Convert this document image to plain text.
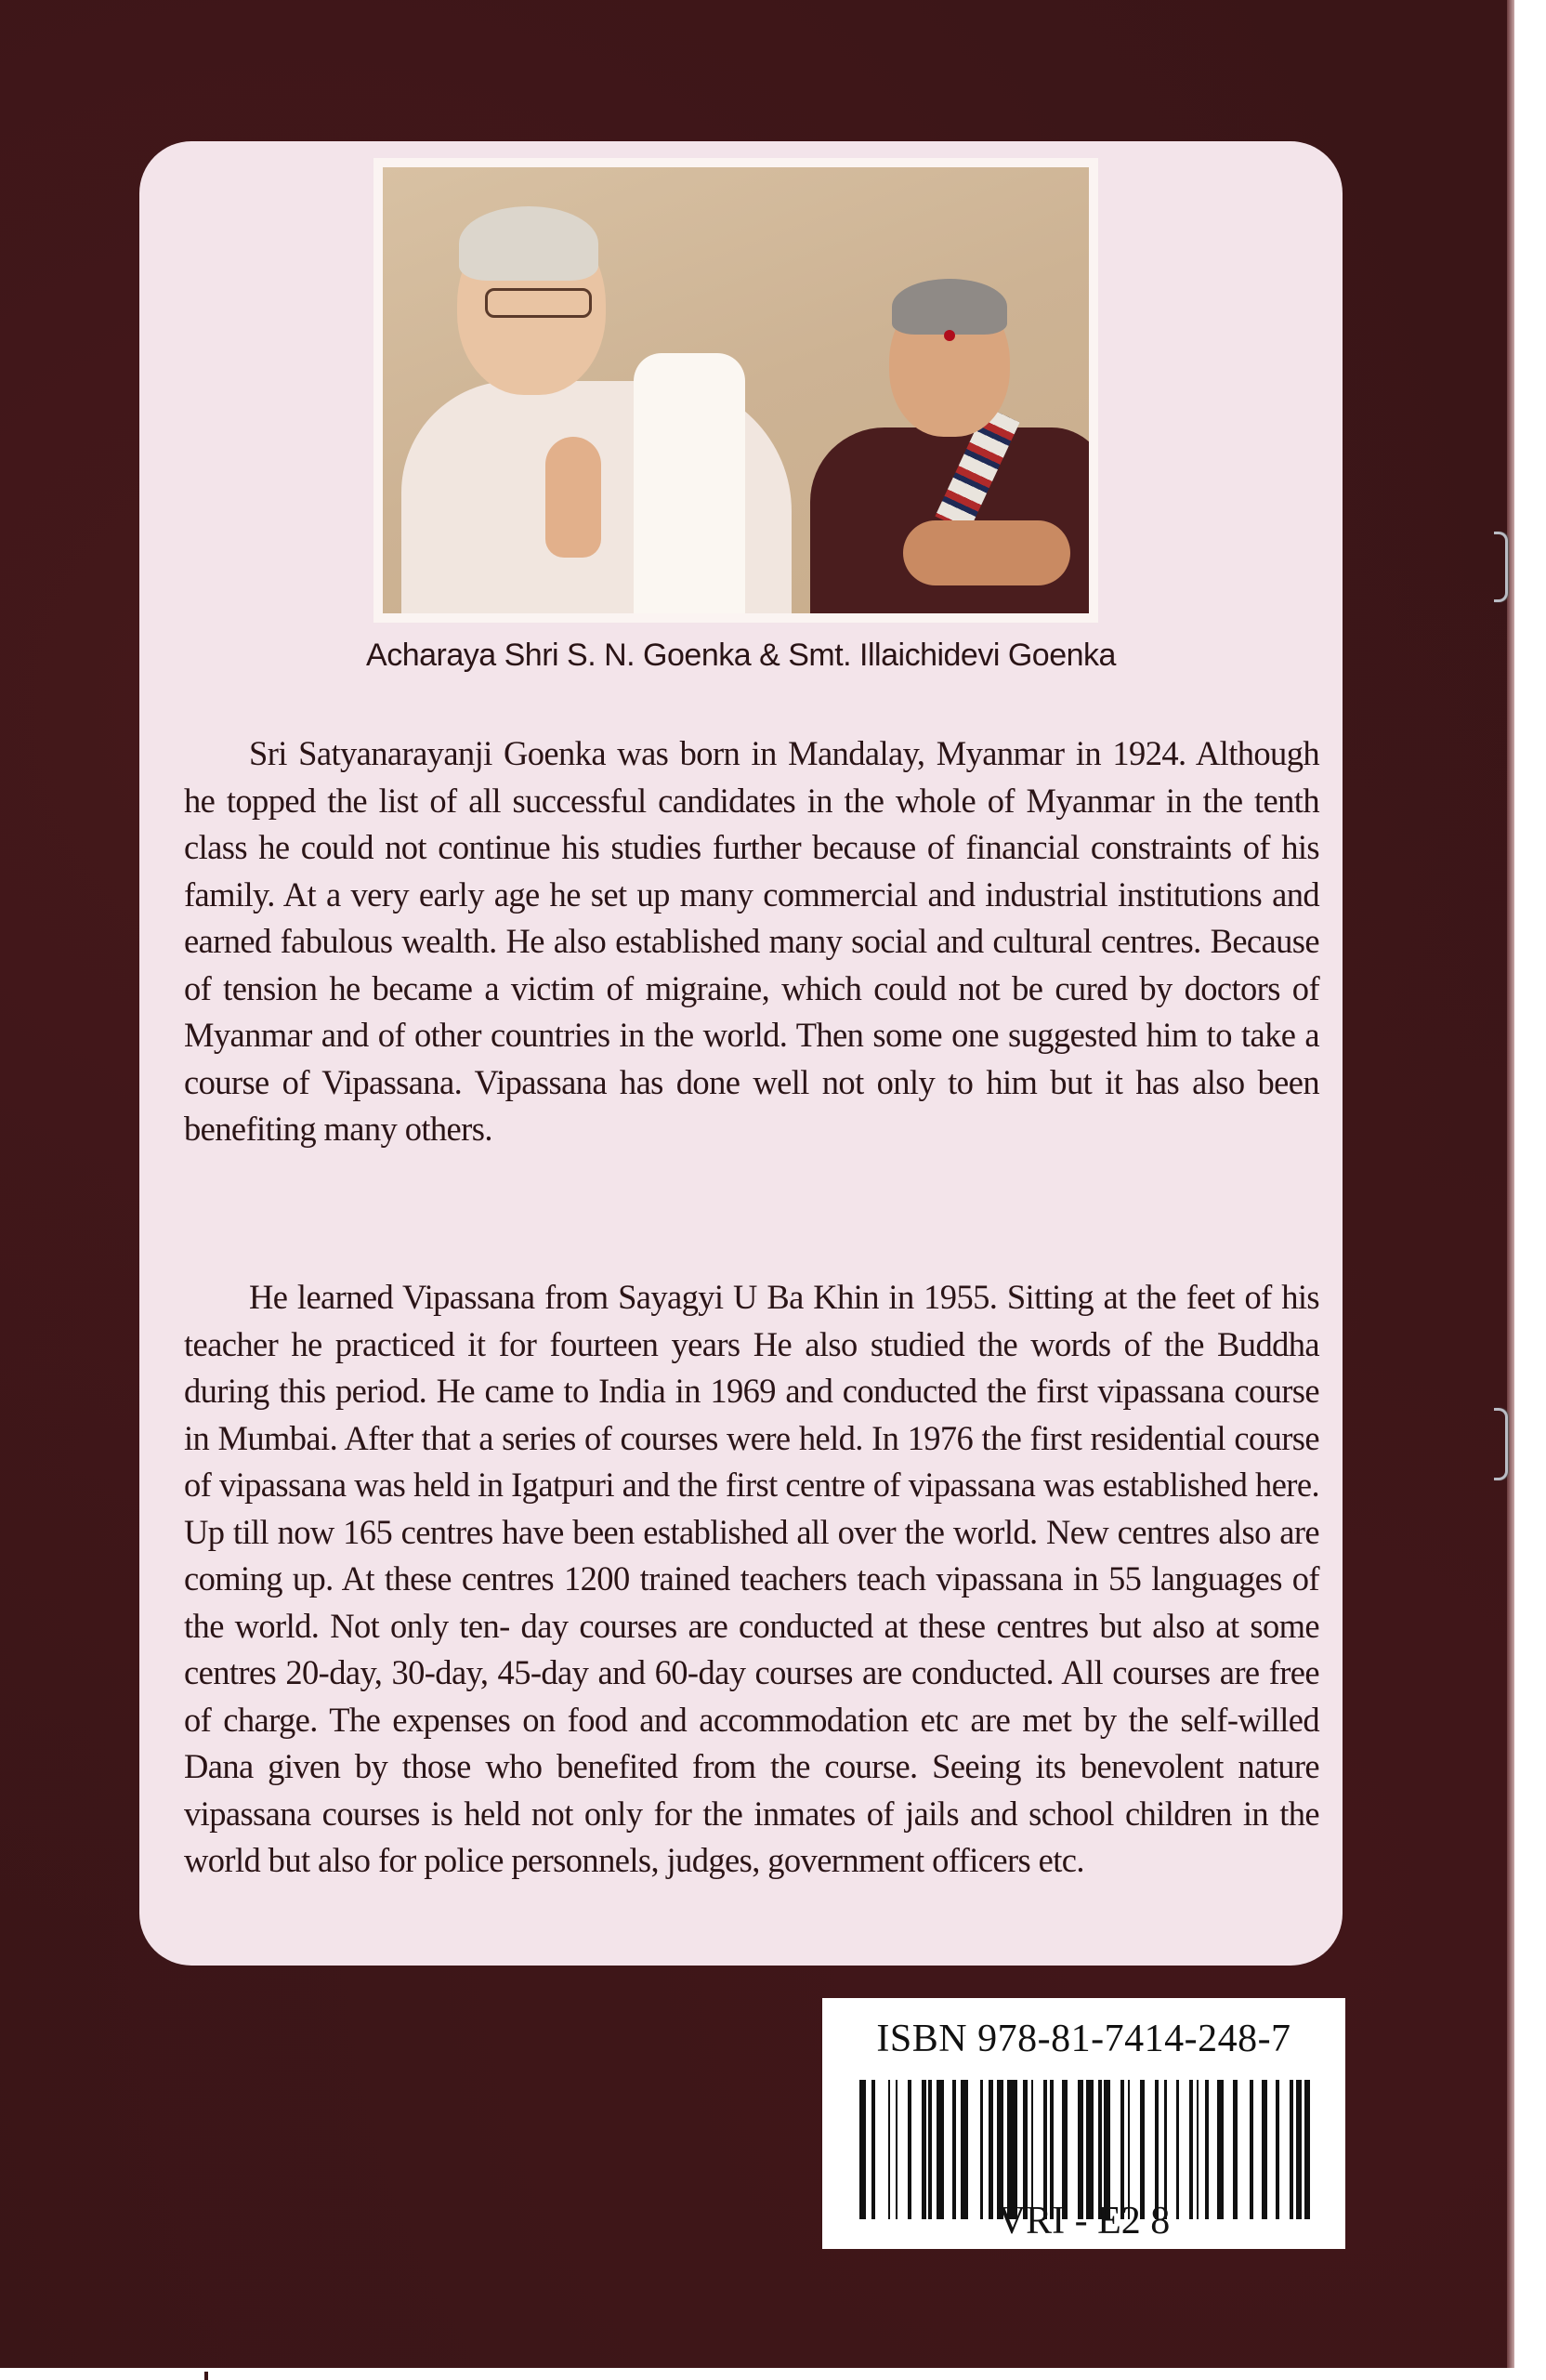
Acharaya Shri S. N. Goenka & Smt. Illaichidevi Goenka

Sri Satyanarayanji Goenka was born in Mandalay, Myanmar in 1924. Although he topped the list of all successful candidates in the whole of Myanmar in the tenth class he could not continue his studies further because of financial constraints of his family. At a very early age he set up many commercial and industrial institutions and earned fabulous wealth. He also established many social and cultural centres. Because of tension he became a victim of migraine, which could not be cured by doctors of Myanmar and of other countries in the world. Then some one suggested him to take a course of Vipassana. Vipassana has done well not only to him but it has also been benefiting many others.

He learned Vipassana from Sayagyi U Ba Khin in 1955. Sitting at the feet of his teacher he practiced it for fourteen years He also studied the words of the Buddha during this period. He came to India in 1969 and conducted the first vipassana course in Mumbai. After that a series of courses were held. In 1976 the first residential course of vipassana was held in Igatpuri and the first centre of vipassana was established here. Up till now 165 centres have been established all over the world. New centres also are coming up. At these centres 1200 trained teachers teach vipassana in 55 languages of the world. Not only ten- day courses are conducted at these centres but also at some centres 20-day, 30-day, 45-day and 60-day courses are conducted. All courses are free of charge. The expenses on food and accommodation etc are met by the self-willed Dana given by those who benefited from the course. Seeing its benevolent nature vipassana courses is held not only for the inmates of jails and school children in the world but also for police personnels, judges, government officers etc.

ISBN 978-81-7414-248-7
VRI - E2 8
